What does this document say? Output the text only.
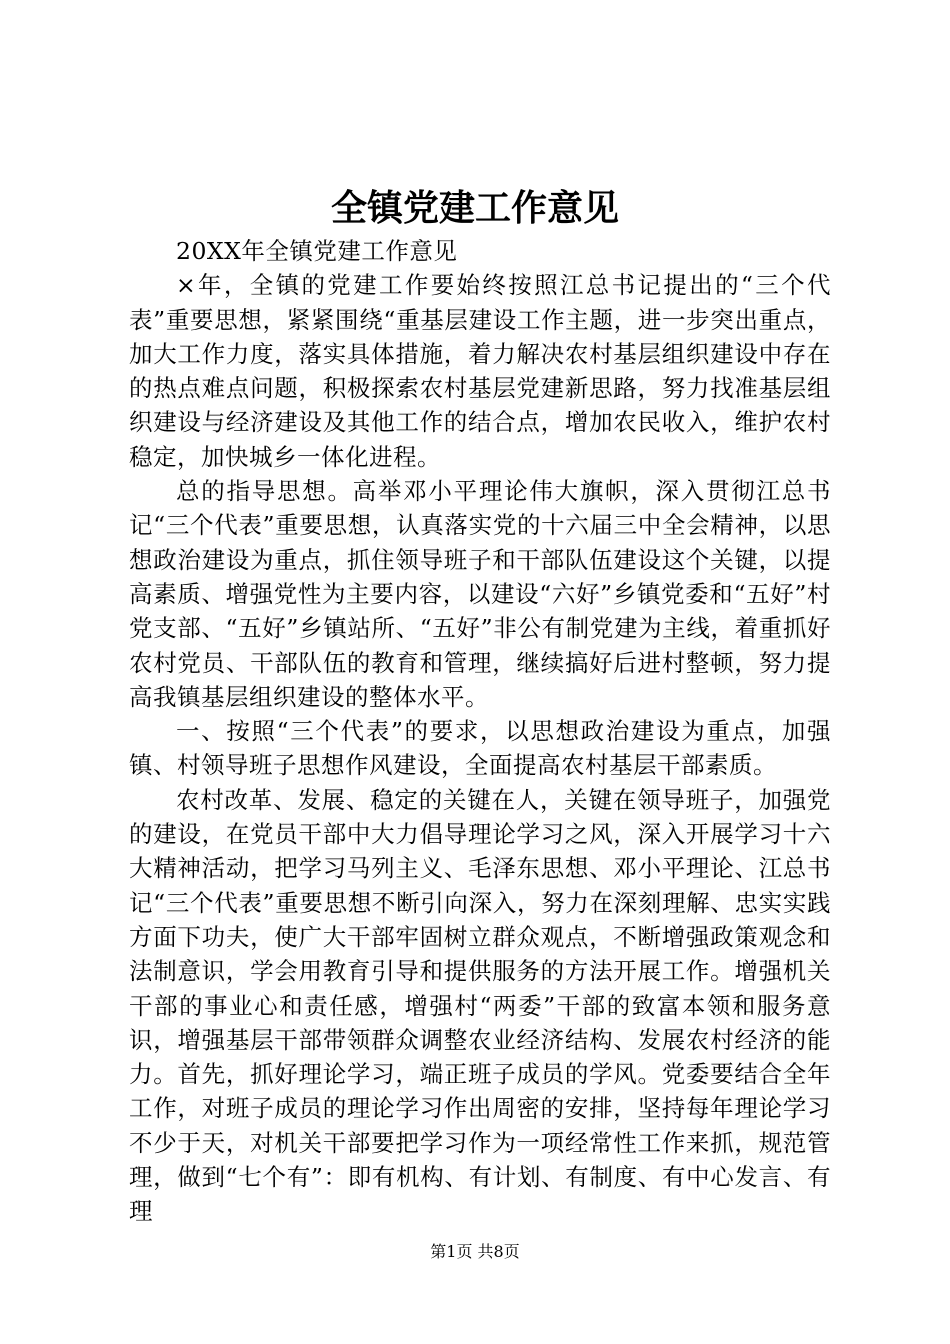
全镇党建工作意见

20XX年全镇党建工作意见

×年，全镇的党建工作要始终按照江总书记提出的“三个代表”重要思想，紧紧围绕“重基层建设工作主题，进一步突出重点，加大工作力度，落实具体措施，着力解决农村基层组织建设中存在的热点难点问题，积极探索农村基层党建新思路，努力找准基层组织建设与经济建设及其他工作的结合点，增加农民收入，维护农村稳定，加快城乡一体化进程。

总的指导思想。高举邓小平理论伟大旗帜，深入贯彻江总书记“三个代表”重要思想，认真落实党的十六届三中全会精神，以思想政治建设为重点，抓住领导班子和干部队伍建设这个关键，以提高素质、增强党性为主要内容，以建设“六好”乡镇党委和“五好”村党支部、“五好”乡镇站所、“五好”非公有制党建为主线，着重抓好农村党员、干部队伍的教育和管理，继续搞好后进村整顿，努力提高我镇基层组织建设的整体水平。

一、按照“三个代表”的要求，以思想政治建设为重点，加强镇、村领导班子思想作风建设，全面提高农村基层干部素质。

农村改革、发展、稳定的关键在人，关键在领导班子，加强党的建设，在党员干部中大力倡导理论学习之风，深入开展学习十六大精神活动，把学习马列主义、毛泽东思想、邓小平理论、江总书记“三个代表”重要思想不断引向深入，努力在深刻理解、忠实实践方面下功夫，使广大干部牢固树立群众观点，不断增强政策观念和法制意识，学会用教育引导和提供服务的方法开展工作。增强机关干部的事业心和责任感，增强村“两委”干部的致富本领和服务意识，增强基层干部带领群众调整农业经济结构、发展农村经济的能力。首先，抓好理论学习，端正班子成员的学风。党委要结合全年工作，对班子成员的理论学习作出周密的安排，坚持每年理论学习不少于天，对机关干部要把学习作为一项经常性工作来抓，规范管理，做到“七个有”：即有机构、有计划、有制度、有中心发言、有理

第1页 共8页
